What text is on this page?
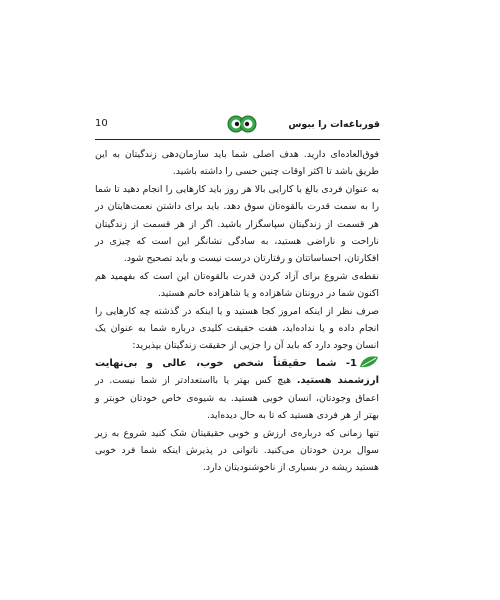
10	قورباغه‌ات را ببوس

فوق‌العاده‌ای دارید. هدف اصلی شما باید سازمان‌دهی زندگیتان به این طریق باشد تا اکثر اوقات چنین حسی را داشته باشید.

به عنوان فردی بالغ با کارایی بالا هر روز باید کارهایی را انجام دهید تا شما را به سمت قدرت بالقوه‌تان سوق دهد. باید برای داشتن نعمت‌هایتان در هر قسمت از زندگیتان سپاسگزار باشید. اگر از هر قسمت از زندگیتان ناراحت و ناراضی هستید، به سادگی نشانگر این است که چیزی در افکارتان، احساساتتان و رفتارتان درست نیست و باید تصحیح شود.

نقطه‌ی شروع برای آزاد کردن قدرت بالقوه‌تان این است که بفهمید هم اکنون شما در درونتان شاهزاده و یا شاهزاده خانم هستید.

صرف نظر از اینکه امروز کجا هستید و یا اینکه در گذشته چه کارهایی را انجام داده و یا نداده‌اید، هفت حقیقت کلیدی درباره شما به عنوان یک انسان وجود دارد که باید آن را جزیی از حقیقت زندگیتان بپذیرید:

1- شما حقیقتاً شخص خوب، عالی و بی‌نهایت ارزشمند هستید. هیچ کس بهتر یا بااستعدادتر از شما نیست. در اعماق وجودتان، انسان خوبی هستید. به شیوه‌ی خاص خودتان خوبتر و بهتر از هر فردی هستید که تا به حال دیده‌اید.

تنها زمانی که درباره‌ی ارزش و خوبی حقیقیتان شک کنید شروع به زیر سوال بردن خودتان می‌کنید. ناتوانی در پذیرش اینکه شما فرد خوبی هستید ریشه در بسیاری از ناخوشنودیتان دارد.
